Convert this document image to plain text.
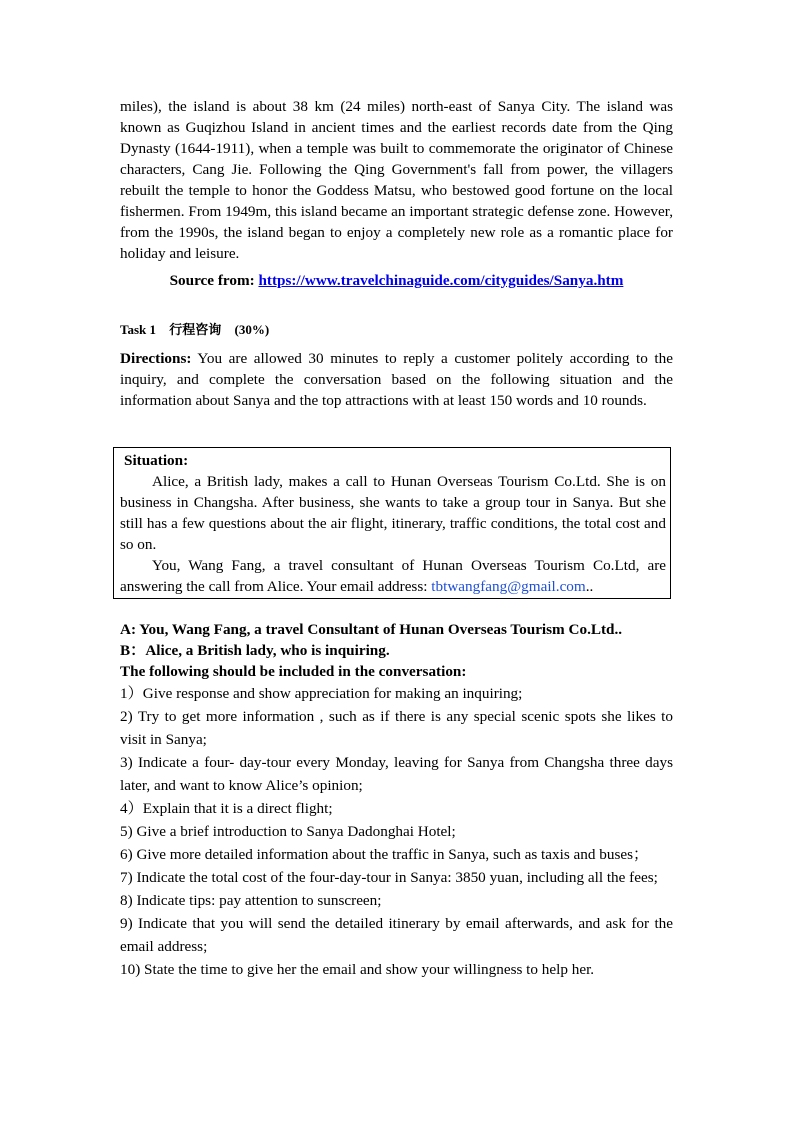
miles), the island is about 38 km (24 miles) north-east of Sanya City. The island was known as Guqizhou Island in ancient times and the earliest records date from the Qing Dynasty (1644-1911), when a temple was built to commemorate the originator of Chinese characters, Cang Jie. Following the Qing Government's fall from power, the villagers rebuilt the temple to honor the Goddess Matsu, who bestowed good fortune on the local fishermen. From 1949m, this island became an important strategic defense zone. However, from the 1990s, the island began to enjoy a completely new role as a romantic place for holiday and leisure.

Source from: https://www.travelchinaguide.com/cityguides/Sanya.htm

Task 1 行程咨询 (30%)

Directions: You are allowed 30 minutes to reply a customer politely according to the inquiry, and complete the conversation based on the following situation and the information about Sanya and the top attractions with at least 150 words and 10 rounds.

Situation:

Alice, a British lady, makes a call to Hunan Overseas Tourism Co.Ltd. She is on business in Changsha. After business, she wants to take a group tour in Sanya. But she still has a few questions about the air flight, itinerary, traffic conditions, the total cost and so on.

You, Wang Fang, a travel consultant of Hunan Overseas Tourism Co.Ltd, are answering the call from Alice. Your email address: tbtwangfang@gmail.com..

A: You, Wang Fang, a travel Consultant of Hunan Overseas Tourism Co.Ltd..
B：Alice, a British lady, who is inquiring.
The following should be included in the conversation:

1）Give response and show appreciation for making an inquiring;

2) Try to get more information , such as if there is any special scenic spots she likes to visit in Sanya;

3) Indicate a four- day-tour every Monday, leaving for Sanya from Changsha three days later, and want to know Alice’s opinion;

4）Explain that it is a direct flight;

5) Give a brief introduction to Sanya Dadonghai Hotel;

6) Give more detailed information about the traffic in Sanya, such as taxis and buses；

7) Indicate the total cost of the four-day-tour in Sanya: 3850 yuan, including all the fees;

8) Indicate tips: pay attention to sunscreen;

9) Indicate that you will send the detailed itinerary by email afterwards, and ask for the email address;

10) State the time to give her the email and show your willingness to help her.
